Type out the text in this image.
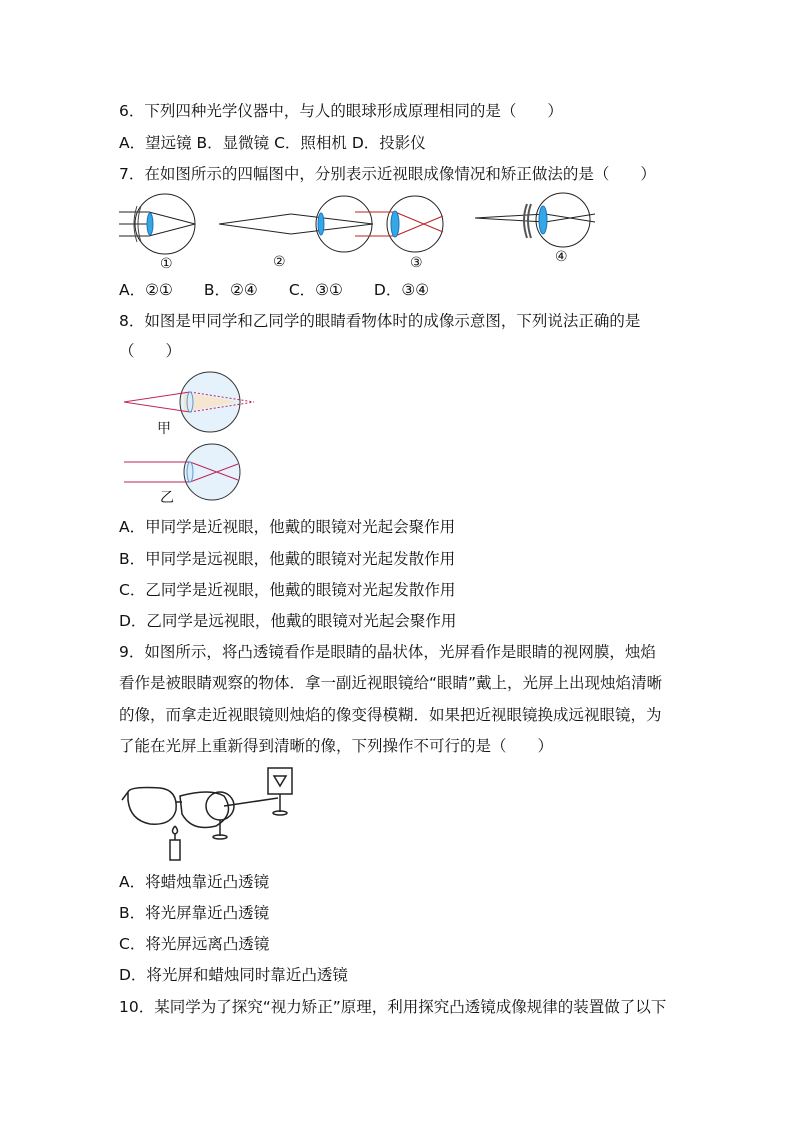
6．下列四种光学仪器中，与人的眼球形成原理相同的是（　　）
A．望远镜 B．显微镜 C．照相机 D．投影仪
7．在如图所示的四幅图中，分别表示近视眼成像情况和矫正做法的是（　　）
①	②	③	④
A．②①　　B．②④　　C．③①　　D．③④
8．如图是甲同学和乙同学的眼睛看物体时的成像示意图，下列说法正确的是
（　　）
甲
乙
A．甲同学是近视眼，他戴的眼镜对光起会聚作用
B．甲同学是远视眼，他戴的眼镜对光起发散作用
C．乙同学是近视眼，他戴的眼镜对光起发散作用
D．乙同学是远视眼，他戴的眼镜对光起会聚作用
9．如图所示，将凸透镜看作是眼睛的晶状体，光屏看作是眼睛的视网膜，烛焰
看作是被眼睛观察的物体．拿一副近视眼镜给“眼睛”戴上，光屏上出现烛焰清晰
的像，而拿走近视眼镜则烛焰的像变得模糊．如果把近视眼镜换成远视眼镜，为
了能在光屏上重新得到清晰的像，下列操作不可行的是（　　）
A．将蜡烛靠近凸透镜
B．将光屏靠近凸透镜
C．将光屏远离凸透镜
D．将光屏和蜡烛同时靠近凸透镜
10．某同学为了探究“视力矫正”原理，利用探究凸透镜成像规律的装置做了以下
